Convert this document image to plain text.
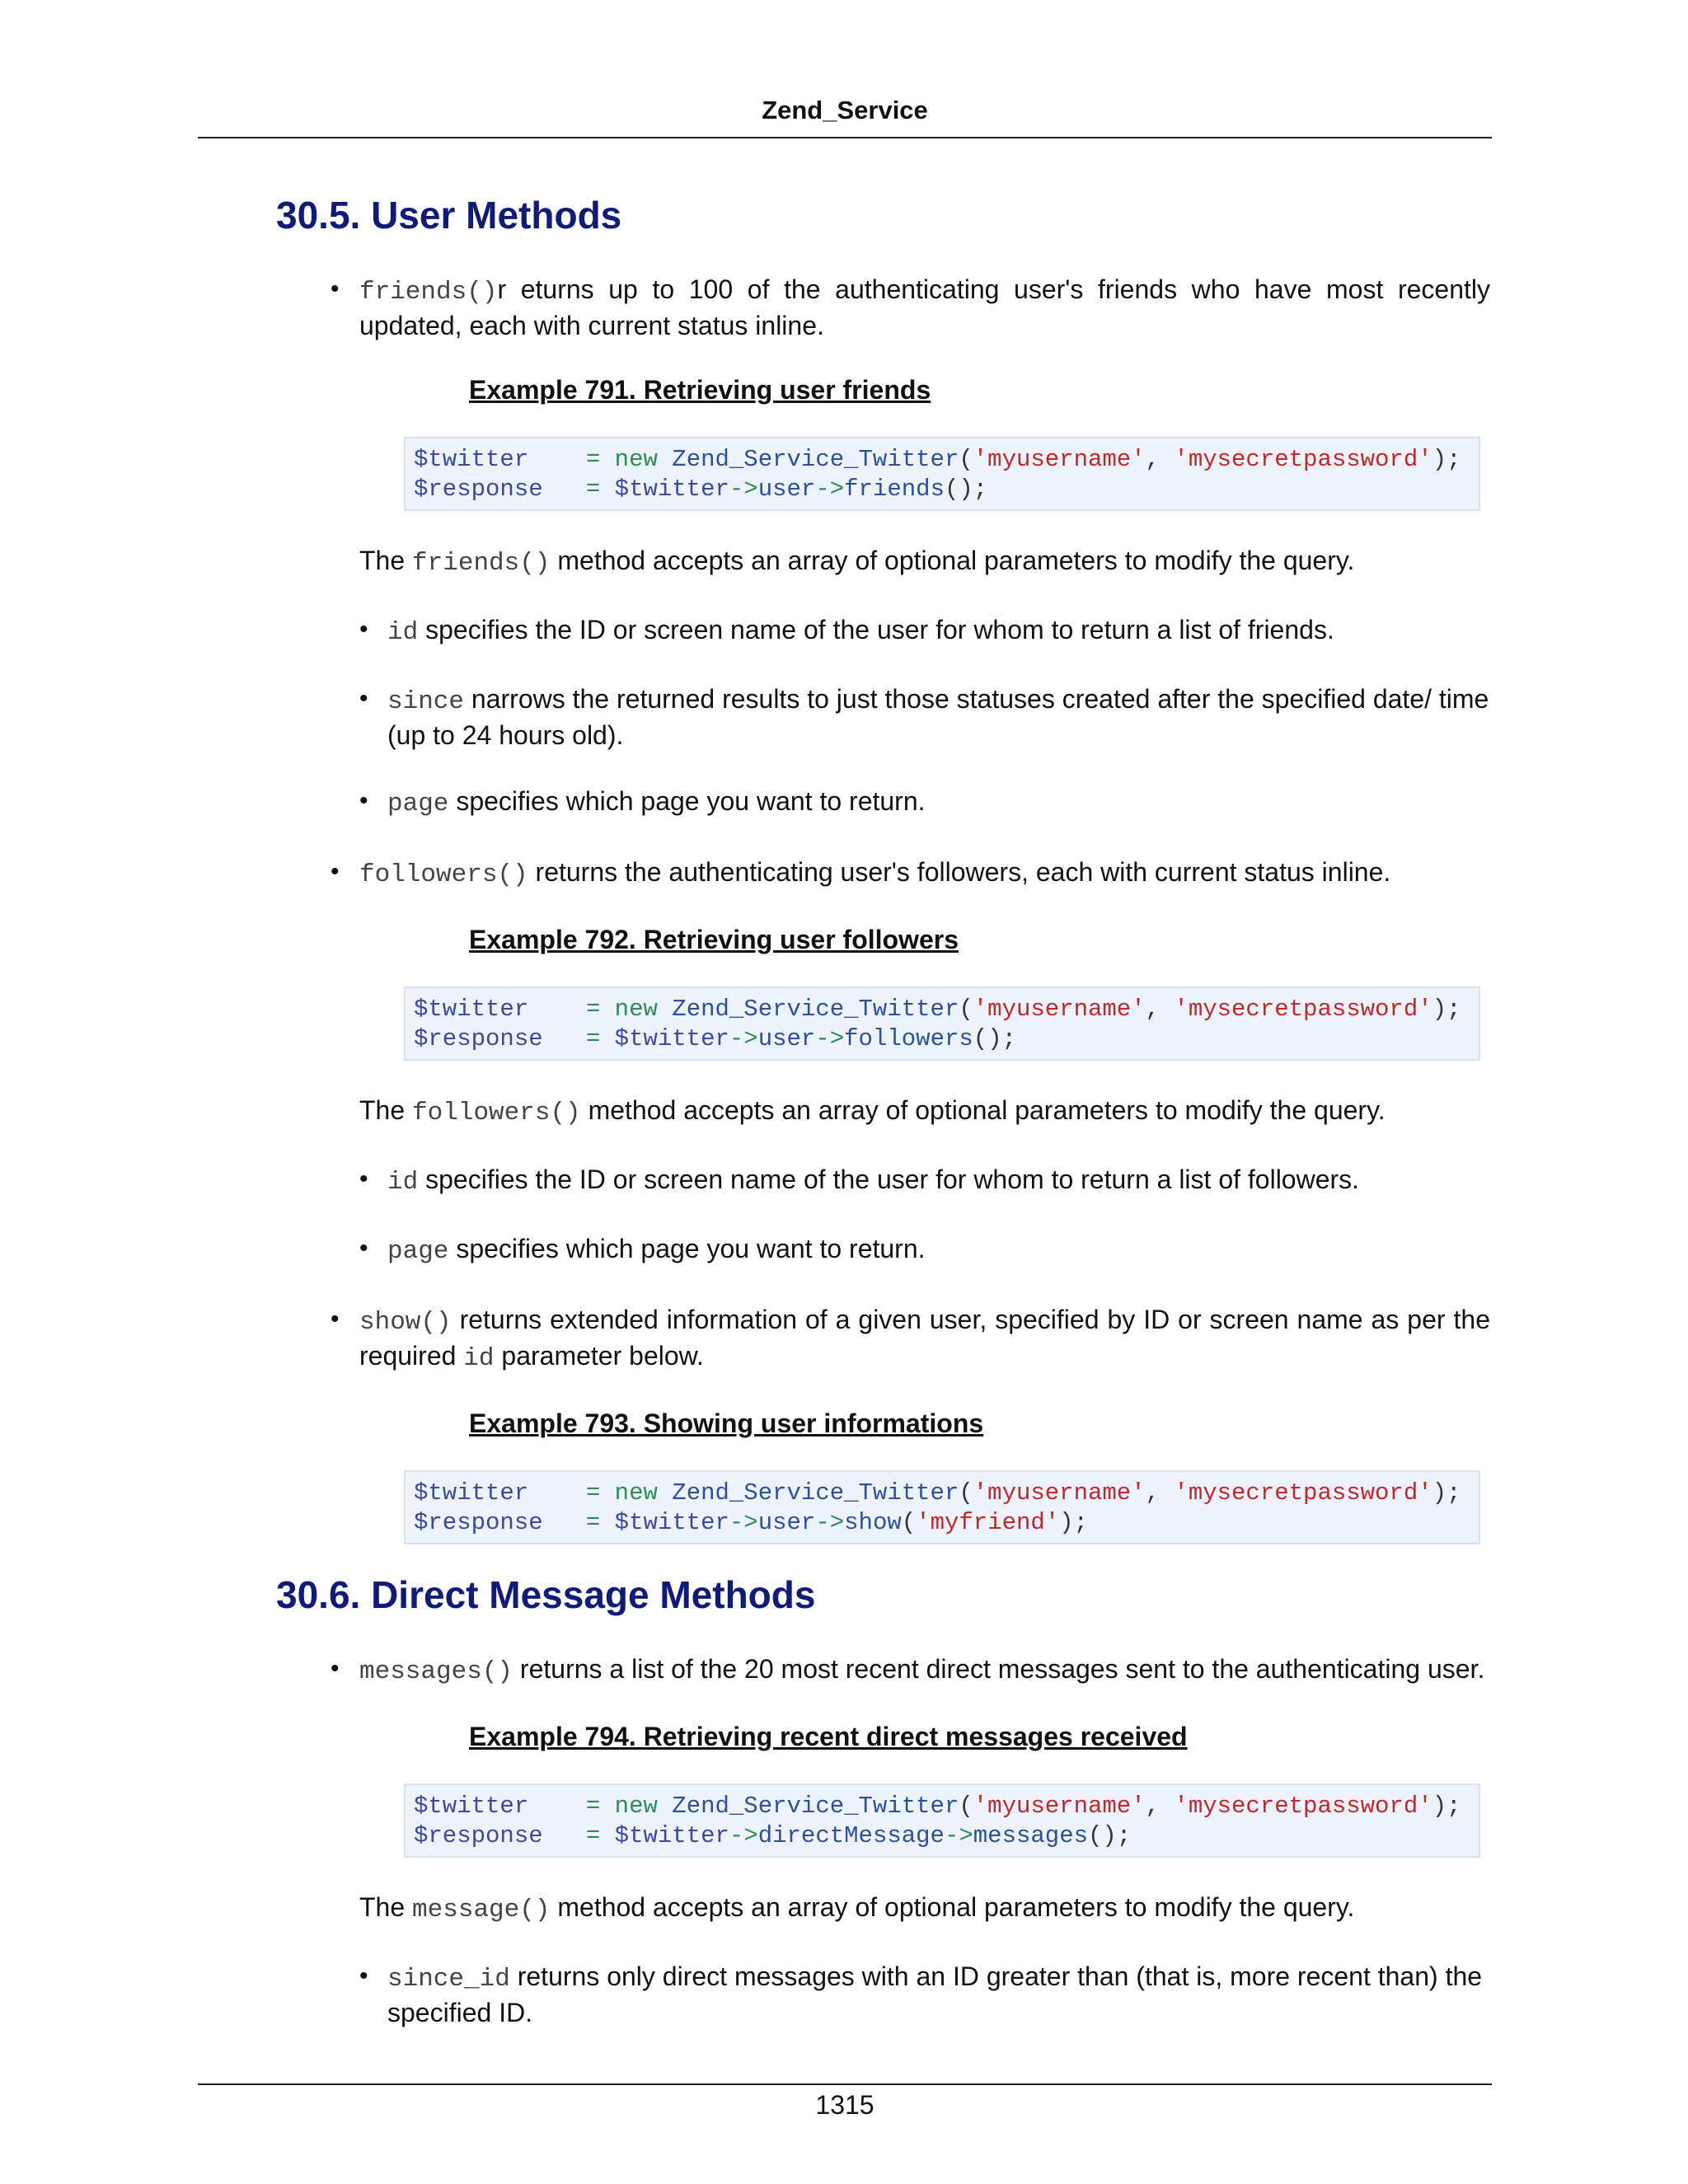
Zend_Service
30.5. User Methods
• friends()r eturns up to 100 of the authenticating user's friends who have most recently updated, each with current status inline.
Example 791. Retrieving user friends
$twitter = new Zend_Service_Twitter('myusername', 'mysecretpassword');
$response = $twitter->user->friends();
The friends() method accepts an array of optional parameters to modify the query.
• id specifies the ID or screen name of the user for whom to return a list of friends.
• since narrows the returned results to just those statuses created after the specified date/ time (up to 24 hours old).
• page specifies which page you want to return.
• followers() returns the authenticating user's followers, each with current status inline.
Example 792. Retrieving user followers
$twitter = new Zend_Service_Twitter('myusername', 'mysecretpassword');
$response = $twitter->user->followers();
The followers() method accepts an array of optional parameters to modify the query.
• id specifies the ID or screen name of the user for whom to return a list of followers.
• page specifies which page you want to return.
• show() returns extended information of a given user, specified by ID or screen name as per the required id parameter below.
Example 793. Showing user informations
$twitter = new Zend_Service_Twitter('myusername', 'mysecretpassword');
$response = $twitter->user->show('myfriend');
30.6. Direct Message Methods
• messages() returns a list of the 20 most recent direct messages sent to the authenticating user.
Example 794. Retrieving recent direct messages received
$twitter = new Zend_Service_Twitter('myusername', 'mysecretpassword');
$response = $twitter->directMessage->messages();
The message() method accepts an array of optional parameters to modify the query.
• since_id returns only direct messages with an ID greater than (that is, more recent than) the specified ID.
1315
